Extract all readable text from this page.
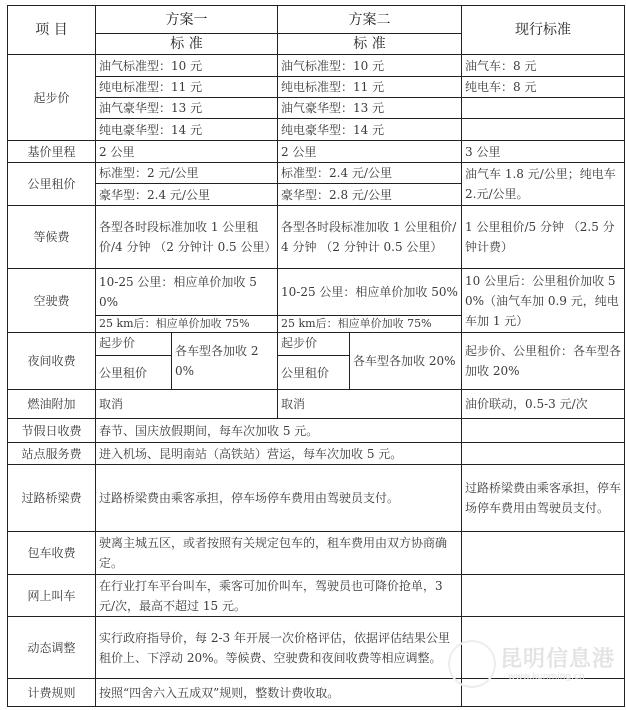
项 目	方案一		方案二		现行标准
	标 准		标 准		
起步价	油气标准型：10 元		油气标准型：10 元		油气车：8 元
	纯电标准型：11 元		纯电标准型：11 元		纯电车：8 元
	油气豪华型：13 元		油气豪华型：13 元		
	纯电豪华型：14 元		纯电豪华型：14 元		
基价里程	2 公里		2 公里		3 公里
公里租价	标准型：2 元/公里		标准型：2.4 元/公里		油气车 1.8 元/公里；纯电车 2.元/公里。
	豪华型：2.4 元/公里		豪华型：2.8 元/公里		
等候费	各型各时段标准加收 1 公里租价/4 分钟 （2 分钟计 0.5 公里）		各型各时段标准加收 1 公里租价/4 分钟 （2 分钟计 0.5 公里）		1 公里租价/5 分钟 （2.5 分钟计费）
空驶费	10-25 公里：相应单价加收 50%		10-25 公里：相应单价加收 50%		10 公里后：公里租价加收 50%（油气车加 0.9 元，纯电车加 1 元）
	25 km后：相应单价加收 75%		25 km后：相应单价加收 75%		
夜间收费	起步价	各车型各加收 20%	起步价	各车型各加收 20%	起步价、公里租价：各车型各加收 20%
	公里租价		公里租价		
燃油附加	取消		取消		油价联动，0.5-3 元/次
节假日收费	春节、国庆放假期间，每车次加收 5 元。				
站点服务费	进入机场、昆明南站（高铁站）营运，每车次加收 5 元。				
过路桥梁费	过路桥梁费由乘客承担，停车场停车费用由驾驶员支付。				过路桥梁费由乘客承担，停车场停车费用由驾驶员支付。
包车收费	驶离主城五区，或者按照有关规定包车的，租车费用由双方协商确定。				
网上叫车	在行业打车平台叫车，乘客可加价叫车，驾驶员也可降价抢单，3 元/次，最高不超过 15 元。				
动态调整	实行政府指导价，每 2-3 年开展一次价格评估，依据评估结果公里租价上、下浮动 20%。等候费、空驶费和夜间收费等相应调整。				
计费规则	按照“四舍六入五成双”规则，整数计费收取。				
昆明信息港
www.kunming.cn
